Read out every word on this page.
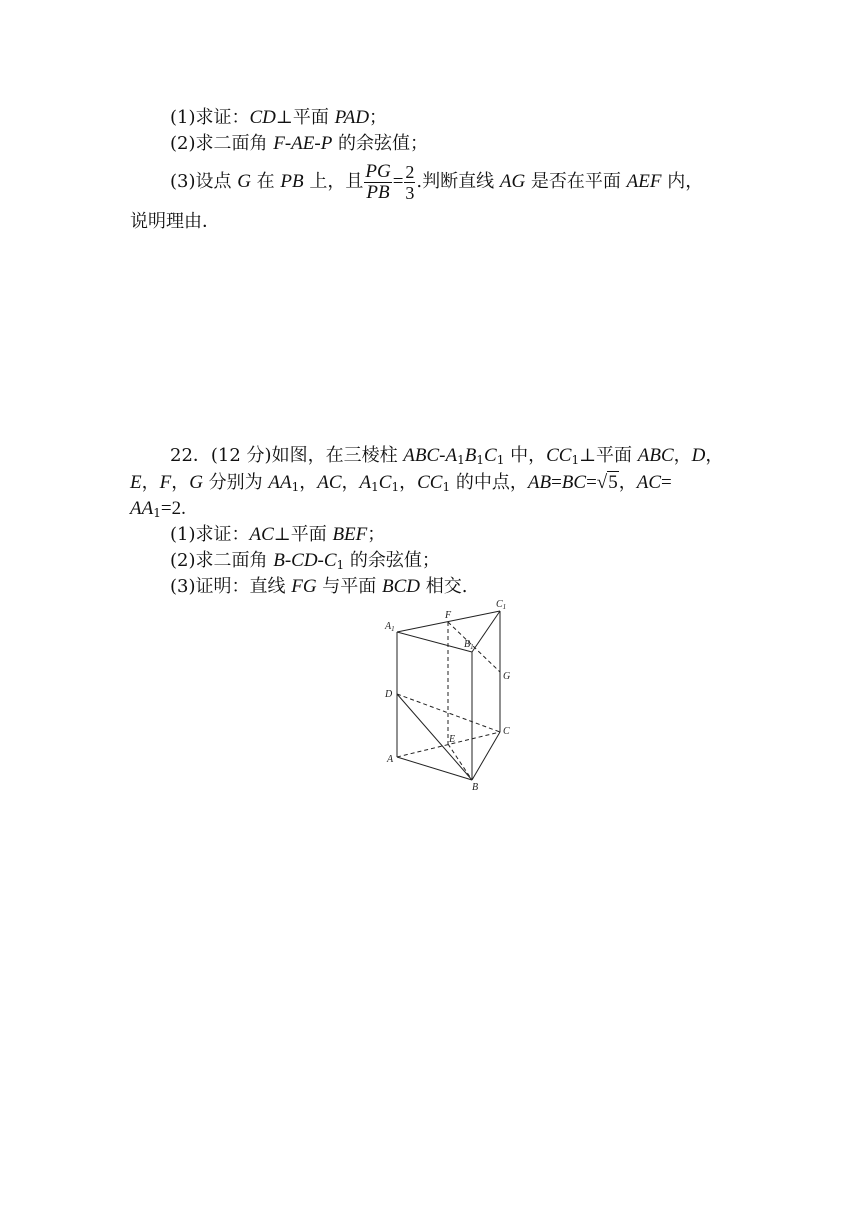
(1)求证：CD⊥平面 PAD；
(2)求二面角 F-AE-P 的余弦值；
(3)设点 G 在 PB 上，且 $\frac{PG}{PB} = \frac{2}{3}$ .判断直线 AG 是否在平面 AEF 内，
说明理由．
22．(12 分)如图，在三棱柱 ABC-$A_1B_1C_1$ 中，$CC_1\perp$平面 ABC，D，
E，F，G 分别为 $AA_1$，AC，$A_1C_1$，$CC_1$ 的中点，AB=BC=√5，AC=
$AA_1=2$.
(1)求证：AC⊥平面 BEF；
(2)求二面角 $B-CD-C_1$ 的余弦值；
(3)证明：直线 FG 与平面 BCD 相交.
$A_1$
F
$C_1$
$B_1$
G
D
C
E
A
B
